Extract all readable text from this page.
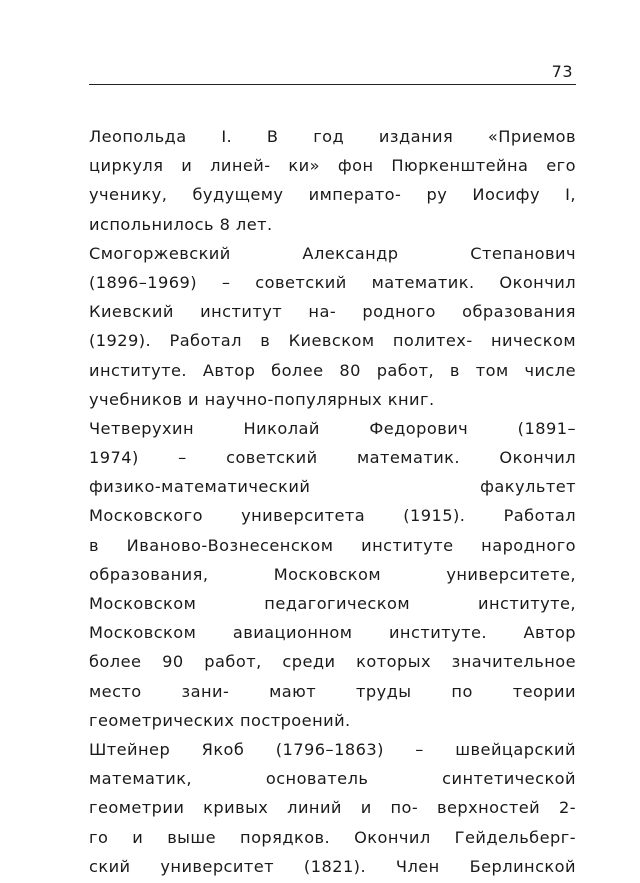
73
Леопольда I. В год издания «Приемов
циркуля и линей- ки» фон Пюркенштейна его
ученику, будущему императо- ру Иосифу I,
испольнилось 8 лет.
Смогоржевский Александр Степанович
(1896–1969) – советский математик. Окончил
Киевский институт на- родного образования
(1929). Работал в Киевском политех- ническом
институте. Автор более 80 работ, в том числе
учебников и научно-популярных книг.
Четверухин Николай Федорович (1891–
1974) – советский математик. Окончил
физико-математический факультет
Московского университета (1915). Работал
в Иваново-Вознесенском институте народного
образования, Московском университете,
Московском педагогическом институте,
Московском авиационном институте. Автор
более 90 работ, среди которых значительное
место зани- мают труды по теории
геометрических построений.
Штейнер Якоб (1796–1863) – швейцарский
математик, основатель синтетической
геометрии кривых линий и по- верхностей 2-
го и выше порядков. Окончил Гейдельберг-
ский университет (1821). Член Берлинской
